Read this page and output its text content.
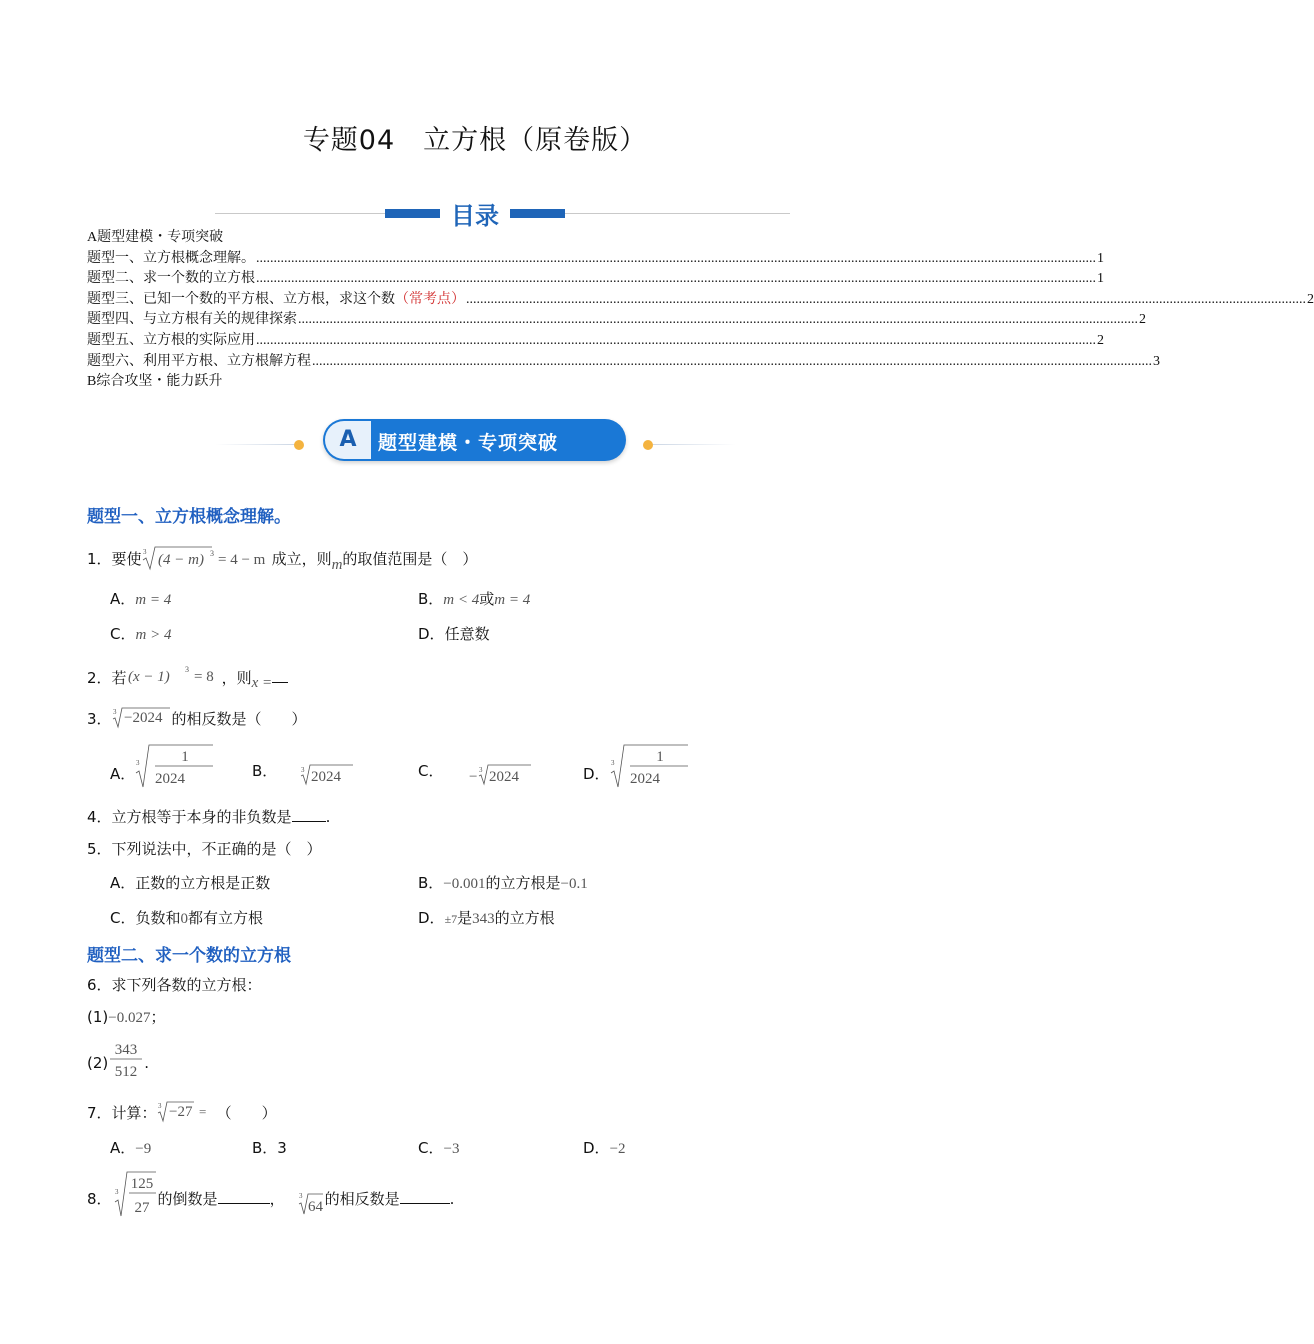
专题04　立方根（原卷版）
目录
A题型建模・专项突破
题型一、立方根概念理解。 .....	1
题型二、求一个数的立方根 .....	1
题型三、已知一个数的平方根、立方根，求这个数 （常考点） .....	2
题型四、与立方根有关的规律探索 .....	2
题型五、立方根的实际应用 .....	2
题型六、利用平方根、立方根解方程 .....	3
B综合攻坚・能力跃升
A	题型建模・专项突破
题型一、立方根概念理解。
1．要使 3 (4 − m) 3 = 4 − m 成立，则m的取值范围是（　）
A．m = 4	B．m < 4或m = 4
C．m > 4	D．任意数
2．若 (x − 1) 3 = 8 ，则x =
3． 3 −2024 的相反数是（　　）
A．
3	1
2024	B．	3 2024	C． − 3 2024	D．
3	1
2024
4．立方根等于本身的非负数是 .
5．下列说法中，不正确的是（　）
A．正数的立方根是正数	B．−0.001的立方根是−0.1
C．负数和0都有立方根	D．±7是343的立方根
题型二、求一个数的立方根
6．求下列各数的立方根：
(1)−0.027；
(2)
343
512 .
7．计算： 3 −27 = （　　）
A．−9	B．3	C．−3	D．−2
8． 3 125
27 的倒数是	， 3
64 的相反数是	.
